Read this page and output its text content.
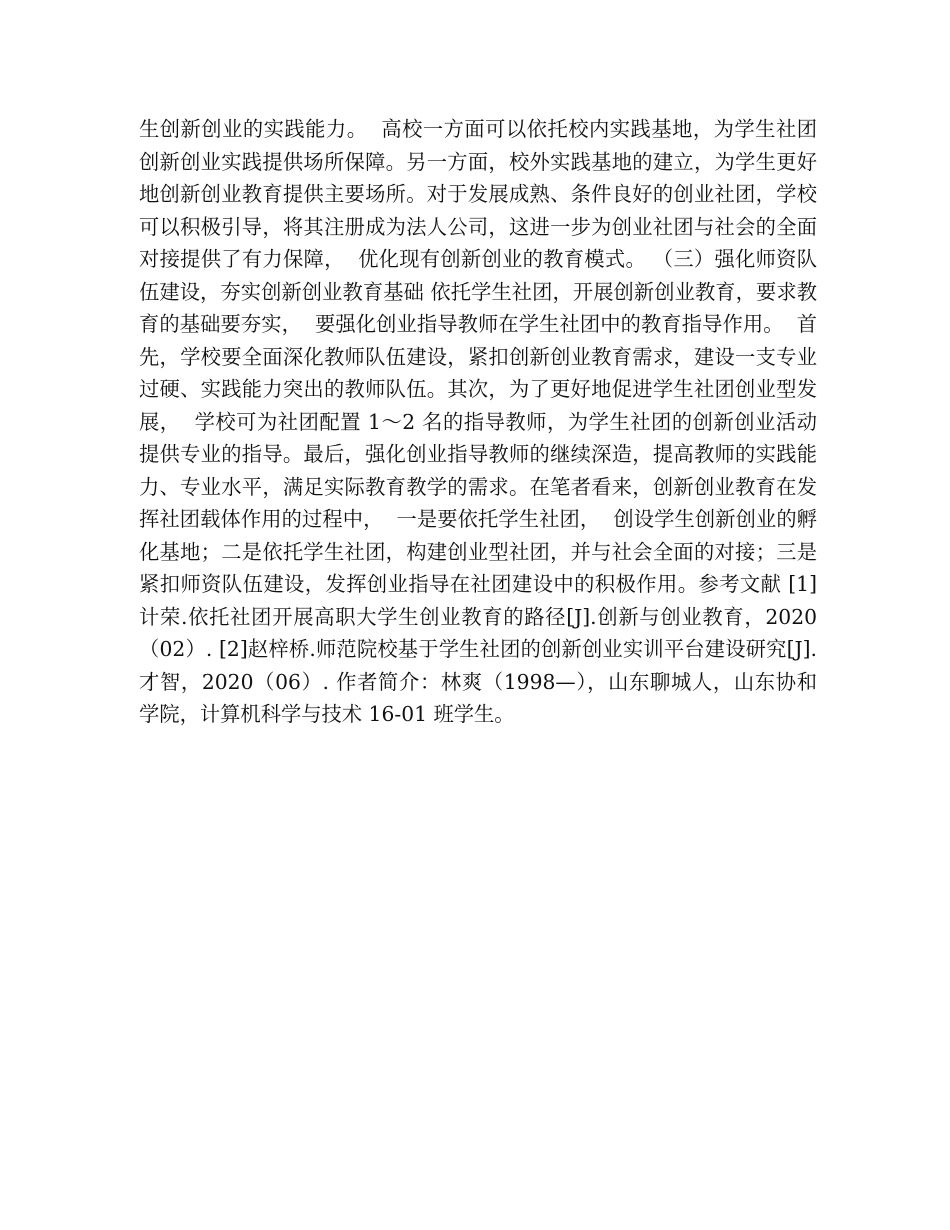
生创新创业的实践能力。  高校一方面可以依托校内实践基地，为学生社团创新创业实践提供场所保障。另一方面，校外实践基地的建立，为学生更好地创新创业教育提供主要场所。对于发展成熟、条件良好的创业社团，学校可以积极引导，将其注册成为法人公司，这进一步为创业社团与社会的全面对接提供了有力保障，  优化现有创新创业的教育模式。 （三）强化师资队伍建设，夯实创新创业教育基础 依托学生社团，开展创新创业教育，要求教育的基础要夯实，  要强化创业指导教师在学生社团中的教育指导作用。  首先，学校要全面深化教师队伍建设，紧扣创新创业教育需求，建设一支专业过硬、实践能力突出的教师队伍。其次，为了更好地促进学生社团创业型发展，  学校可为社团配置 1～2 名的指导教师，为学生社团的创新创业活动提供专业的指导。最后，强化创业指导教师的继续深造，提高教师的实践能力、专业水平，满足实际教育教学的需求。在笔者看来，创新创业教育在发挥社团载体作用的过程中，  一是要依托学生社团，  创设学生创新创业的孵化基地；二是依托学生社团，构建创业型社团，并与社会全面的对接；三是紧扣师资队伍建设，发挥创业指导在社团建设中的积极作用。参考文献 [1]计荣.依托社团开展高职大学生创业教育的路径[J].创新与创业教育，2020（02）. [2]赵梓桥.师范院校基于学生社团的创新创业实训平台建设研究[J].才智，2020（06）. 作者简介：林爽（1998—），山东聊城人，山东协和学院，计算机科学与技术 16-01 班学生。
